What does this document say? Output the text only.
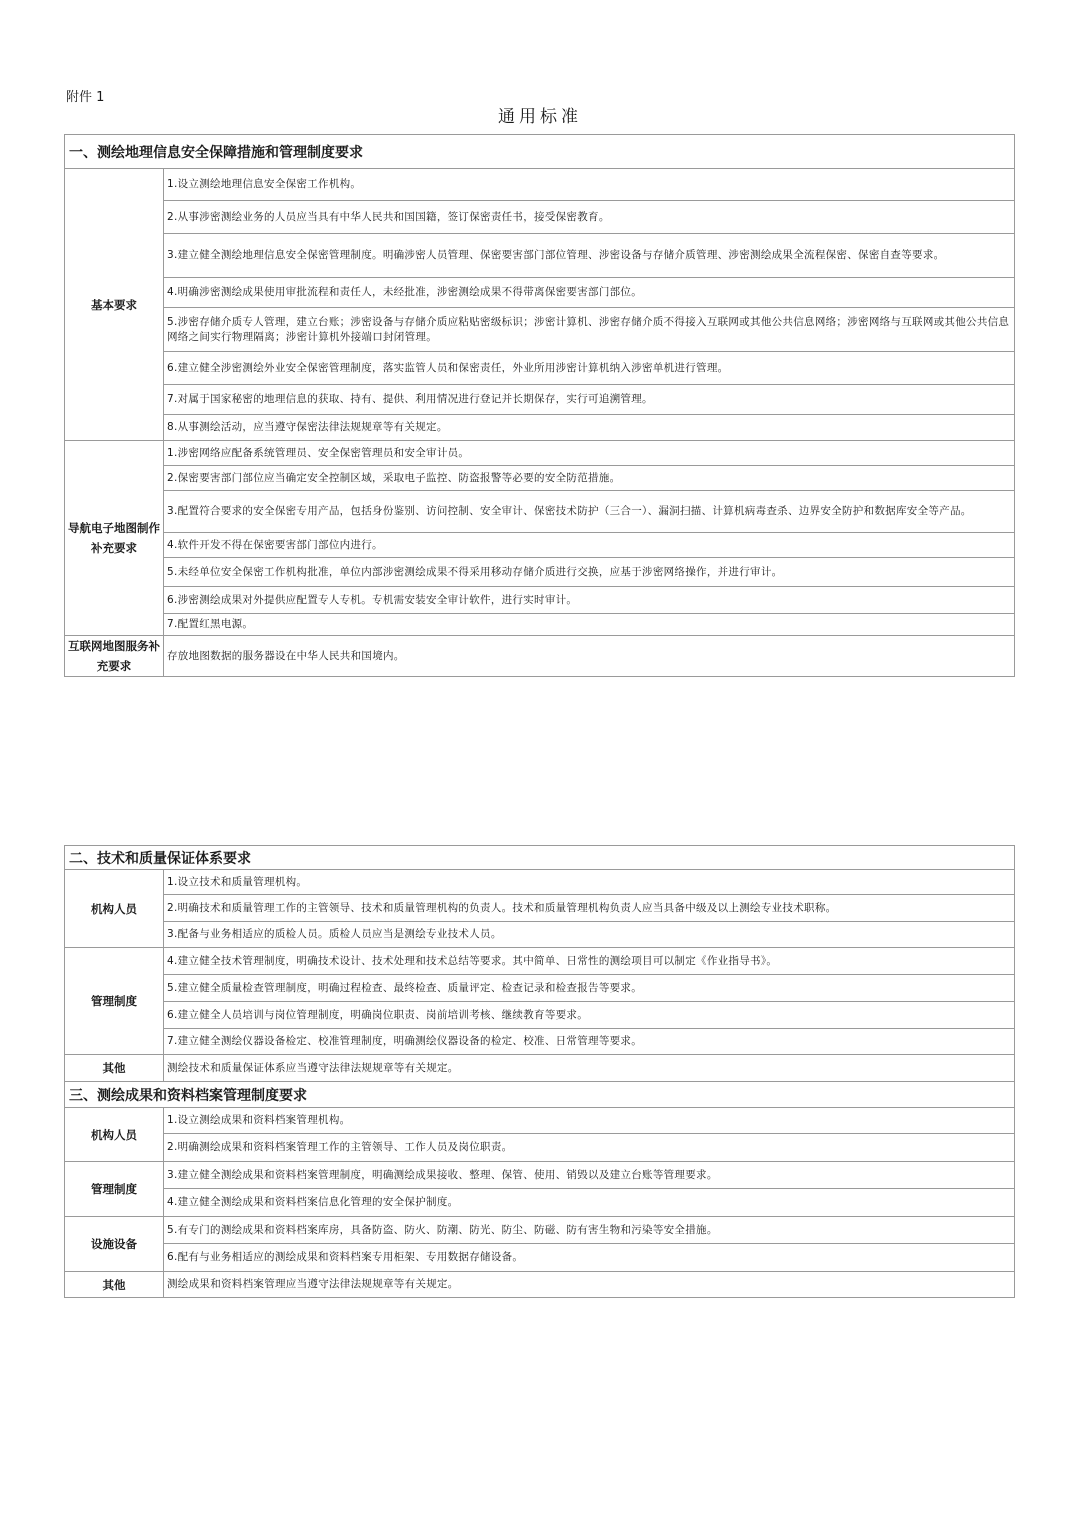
附件 1
通用标准
一、测绘地理信息安全保障措施和管理制度要求	
基本要求	1.设立测绘地理信息安全保密工作机构。
	2.从事涉密测绘业务的人员应当具有中华人民共和国国籍，签订保密责任书，接受保密教育。
	3.建立健全测绘地理信息安全保密管理制度。明确涉密人员管理、保密要害部门部位管理、涉密设备与存储介质管理、涉密测绘成果全流程保密、保密自查等要求。
	4.明确涉密测绘成果使用审批流程和责任人，未经批准，涉密测绘成果不得带离保密要害部门部位。
	5.涉密存储介质专人管理，建立台账；涉密设备与存储介质应粘贴密级标识；涉密计算机、涉密存储介质不得接入互联网或其他公共信息网络；涉密网络与互联网或其他公共信息网络之间实行物理隔离；涉密计算机外接端口封闭管理。
	6.建立健全涉密测绘外业安全保密管理制度，落实监管人员和保密责任，外业所用涉密计算机纳入涉密单机进行管理。
	7.对属于国家秘密的地理信息的获取、持有、提供、利用情况进行登记并长期保存，实行可追溯管理。
	8.从事测绘活动，应当遵守保密法律法规规章等有关规定。
导航电子地图制作补充要求	1.涉密网络应配备系统管理员、安全保密管理员和安全审计员。
	2.保密要害部门部位应当确定安全控制区域，采取电子监控、防盗报警等必要的安全防范措施。
	3.配置符合要求的安全保密专用产品，包括身份鉴别、访问控制、安全审计、保密技术防护（三合一）、漏洞扫描、计算机病毒查杀、边界安全防护和数据库安全等产品。
	4.软件开发不得在保密要害部门部位内进行。
	5.未经单位安全保密工作机构批准，单位内部涉密测绘成果不得采用移动存储介质进行交换，应基于涉密网络操作，并进行审计。
	6.涉密测绘成果对外提供应配置专人专机。专机需安装安全审计软件，进行实时审计。
	7.配置红黑电源。
互联网地图服务补充要求	存放地图数据的服务器设在中华人民共和国境内。
二、技术和质量保证体系要求	
机构人员	1.设立技术和质量管理机构。
	2.明确技术和质量管理工作的主管领导、技术和质量管理机构的负责人。技术和质量管理机构负责人应当具备中级及以上测绘专业技术职称。
	3.配备与业务相适应的质检人员。质检人员应当是测绘专业技术人员。
管理制度	4.建立健全技术管理制度，明确技术设计、技术处理和技术总结等要求。其中简单、日常性的测绘项目可以制定《作业指导书》。
	5.建立健全质量检查管理制度，明确过程检查、最终检查、质量评定、检查记录和检查报告等要求。
	6.建立健全人员培训与岗位管理制度，明确岗位职责、岗前培训考核、继续教育等要求。
	7.建立健全测绘仪器设备检定、校准管理制度，明确测绘仪器设备的检定、校准、日常管理等要求。
其他	测绘技术和质量保证体系应当遵守法律法规规章等有关规定。
三、测绘成果和资料档案管理制度要求	
机构人员	1.设立测绘成果和资料档案管理机构。
	2.明确测绘成果和资料档案管理工作的主管领导、工作人员及岗位职责。
管理制度	3.建立健全测绘成果和资料档案管理制度，明确测绘成果接收、整理、保管、使用、销毁以及建立台账等管理要求。
	4.建立健全测绘成果和资料档案信息化管理的安全保护制度。
设施设备	5.有专门的测绘成果和资料档案库房，具备防盗、防火、防潮、防光、防尘、防磁、防有害生物和污染等安全措施。
	6.配有与业务相适应的测绘成果和资料档案专用柜架、专用数据存储设备。
其他	测绘成果和资料档案管理应当遵守法律法规规章等有关规定。
